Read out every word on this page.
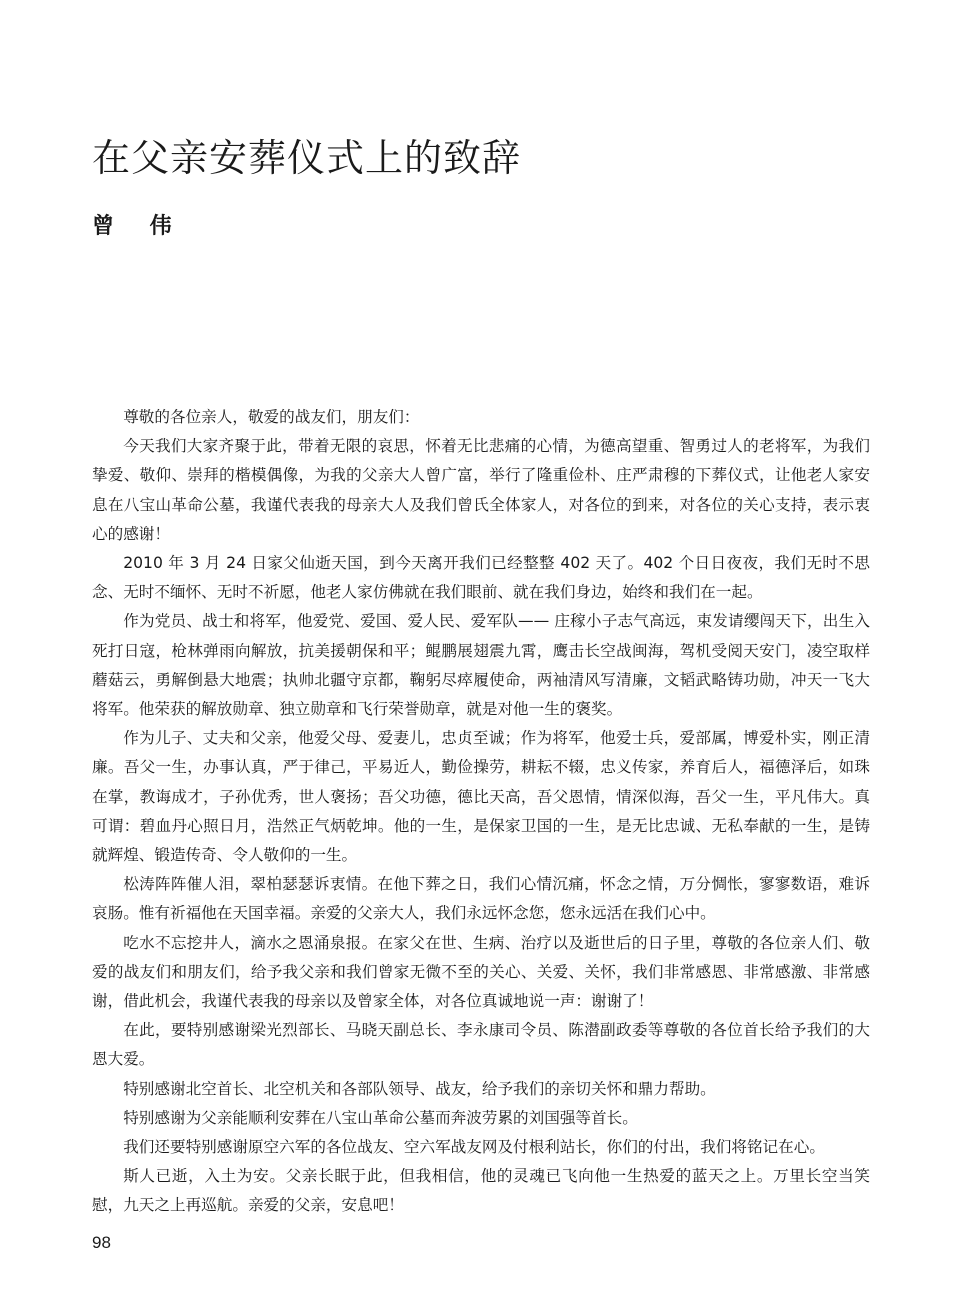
在父亲安葬仪式上的致辞
曾 伟

尊敬的各位亲人，敬爱的战友们，朋友们：

今天我们大家齐聚于此，带着无限的哀思，怀着无比悲痛的心情，为德高望重、智勇过人的老将军，为我们挚爱、敬仰、崇拜的楷模偶像，为我的父亲大人曾广富，举行了隆重俭朴、庄严肃穆的下葬仪式，让他老人家安息在八宝山革命公墓，我谨代表我的母亲大人及我们曾氏全体家人，对各位的到来，对各位的关心支持，表示衷心的感谢！

2010 年 3 月 24 日家父仙逝天国，到今天离开我们已经整整 402 天了。402 个日日夜夜，我们无时不思念、无时不缅怀、无时不祈愿，他老人家仿佛就在我们眼前、就在我们身边，始终和我们在一起。

作为党员、战士和将军，他爱党、爱国、爱人民、爱军队—— 庄稼小子志气高远，束发请缨闯天下，出生入死打日寇，枪林弹雨向解放，抗美援朝保和平；鲲鹏展翅震九霄，鹰击长空战闽海，驾机受阅天安门，凌空取样蘑菇云，勇解倒悬大地震；执帅北疆守京都，鞠躬尽瘁履使命，两袖清风写清廉，文韬武略铸功勋，冲天一飞大将军。他荣获的解放勋章、独立勋章和飞行荣誉勋章，就是对他一生的褒奖。

作为儿子、丈夫和父亲，他爱父母、爱妻儿，忠贞至诚；作为将军，他爱士兵，爱部属，博爱朴实，刚正清廉。吾父一生，办事认真，严于律己，平易近人，勤俭操劳，耕耘不辍，忠义传家，养育后人，福德泽后，如珠在掌，教诲成才，子孙优秀，世人褒扬；吾父功德，德比天高，吾父恩情，情深似海，吾父一生，平凡伟大。真可谓：碧血丹心照日月，浩然正气炳乾坤。他的一生，是保家卫国的一生，是无比忠诚、无私奉献的一生，是铸就辉煌、锻造传奇、令人敬仰的一生。

松涛阵阵催人泪，翠柏瑟瑟诉衷情。在他下葬之日，我们心情沉痛，怀念之情，万分惆怅，寥寥数语，难诉哀肠。惟有祈福他在天国幸福。亲爱的父亲大人，我们永远怀念您，您永远活在我们心中。

吃水不忘挖井人，滴水之恩涌泉报。在家父在世、生病、治疗以及逝世后的日子里，尊敬的各位亲人们、敬爱的战友们和朋友们，给予我父亲和我们曾家无微不至的关心、关爱、关怀，我们非常感恩、非常感激、非常感谢，借此机会，我谨代表我的母亲以及曾家全体，对各位真诚地说一声：谢谢了！

在此，要特别感谢梁光烈部长、马晓天副总长、李永康司令员、陈潜副政委等尊敬的各位首长给予我们的大恩大爱。

特别感谢北空首长、北空机关和各部队领导、战友，给予我们的亲切关怀和鼎力帮助。

特别感谢为父亲能顺利安葬在八宝山革命公墓而奔波劳累的刘国强等首长。

我们还要特别感谢原空六军的各位战友、空六军战友网及付根利站长，你们的付出，我们将铭记在心。

斯人已逝，入土为安。父亲长眠于此，但我相信，他的灵魂已飞向他一生热爱的蓝天之上。万里长空当笑慰，九天之上再巡航。亲爱的父亲，安息吧！

98
